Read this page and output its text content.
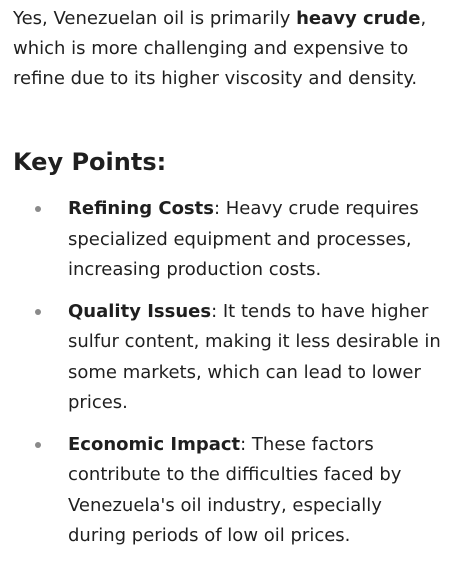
Yes, Venezuelan oil is primarily heavy crude, which is more challenging and expensive to refine due to its higher viscosity and density.

Key Points:
Refining Costs: Heavy crude requires specialized equipment and processes, increasing production costs.
Quality Issues: It tends to have higher sulfur content, making it less desirable in some markets, which can lead to lower prices.
Economic Impact: These factors contribute to the difficulties faced by Venezuela's oil industry, especially during periods of low oil prices.
